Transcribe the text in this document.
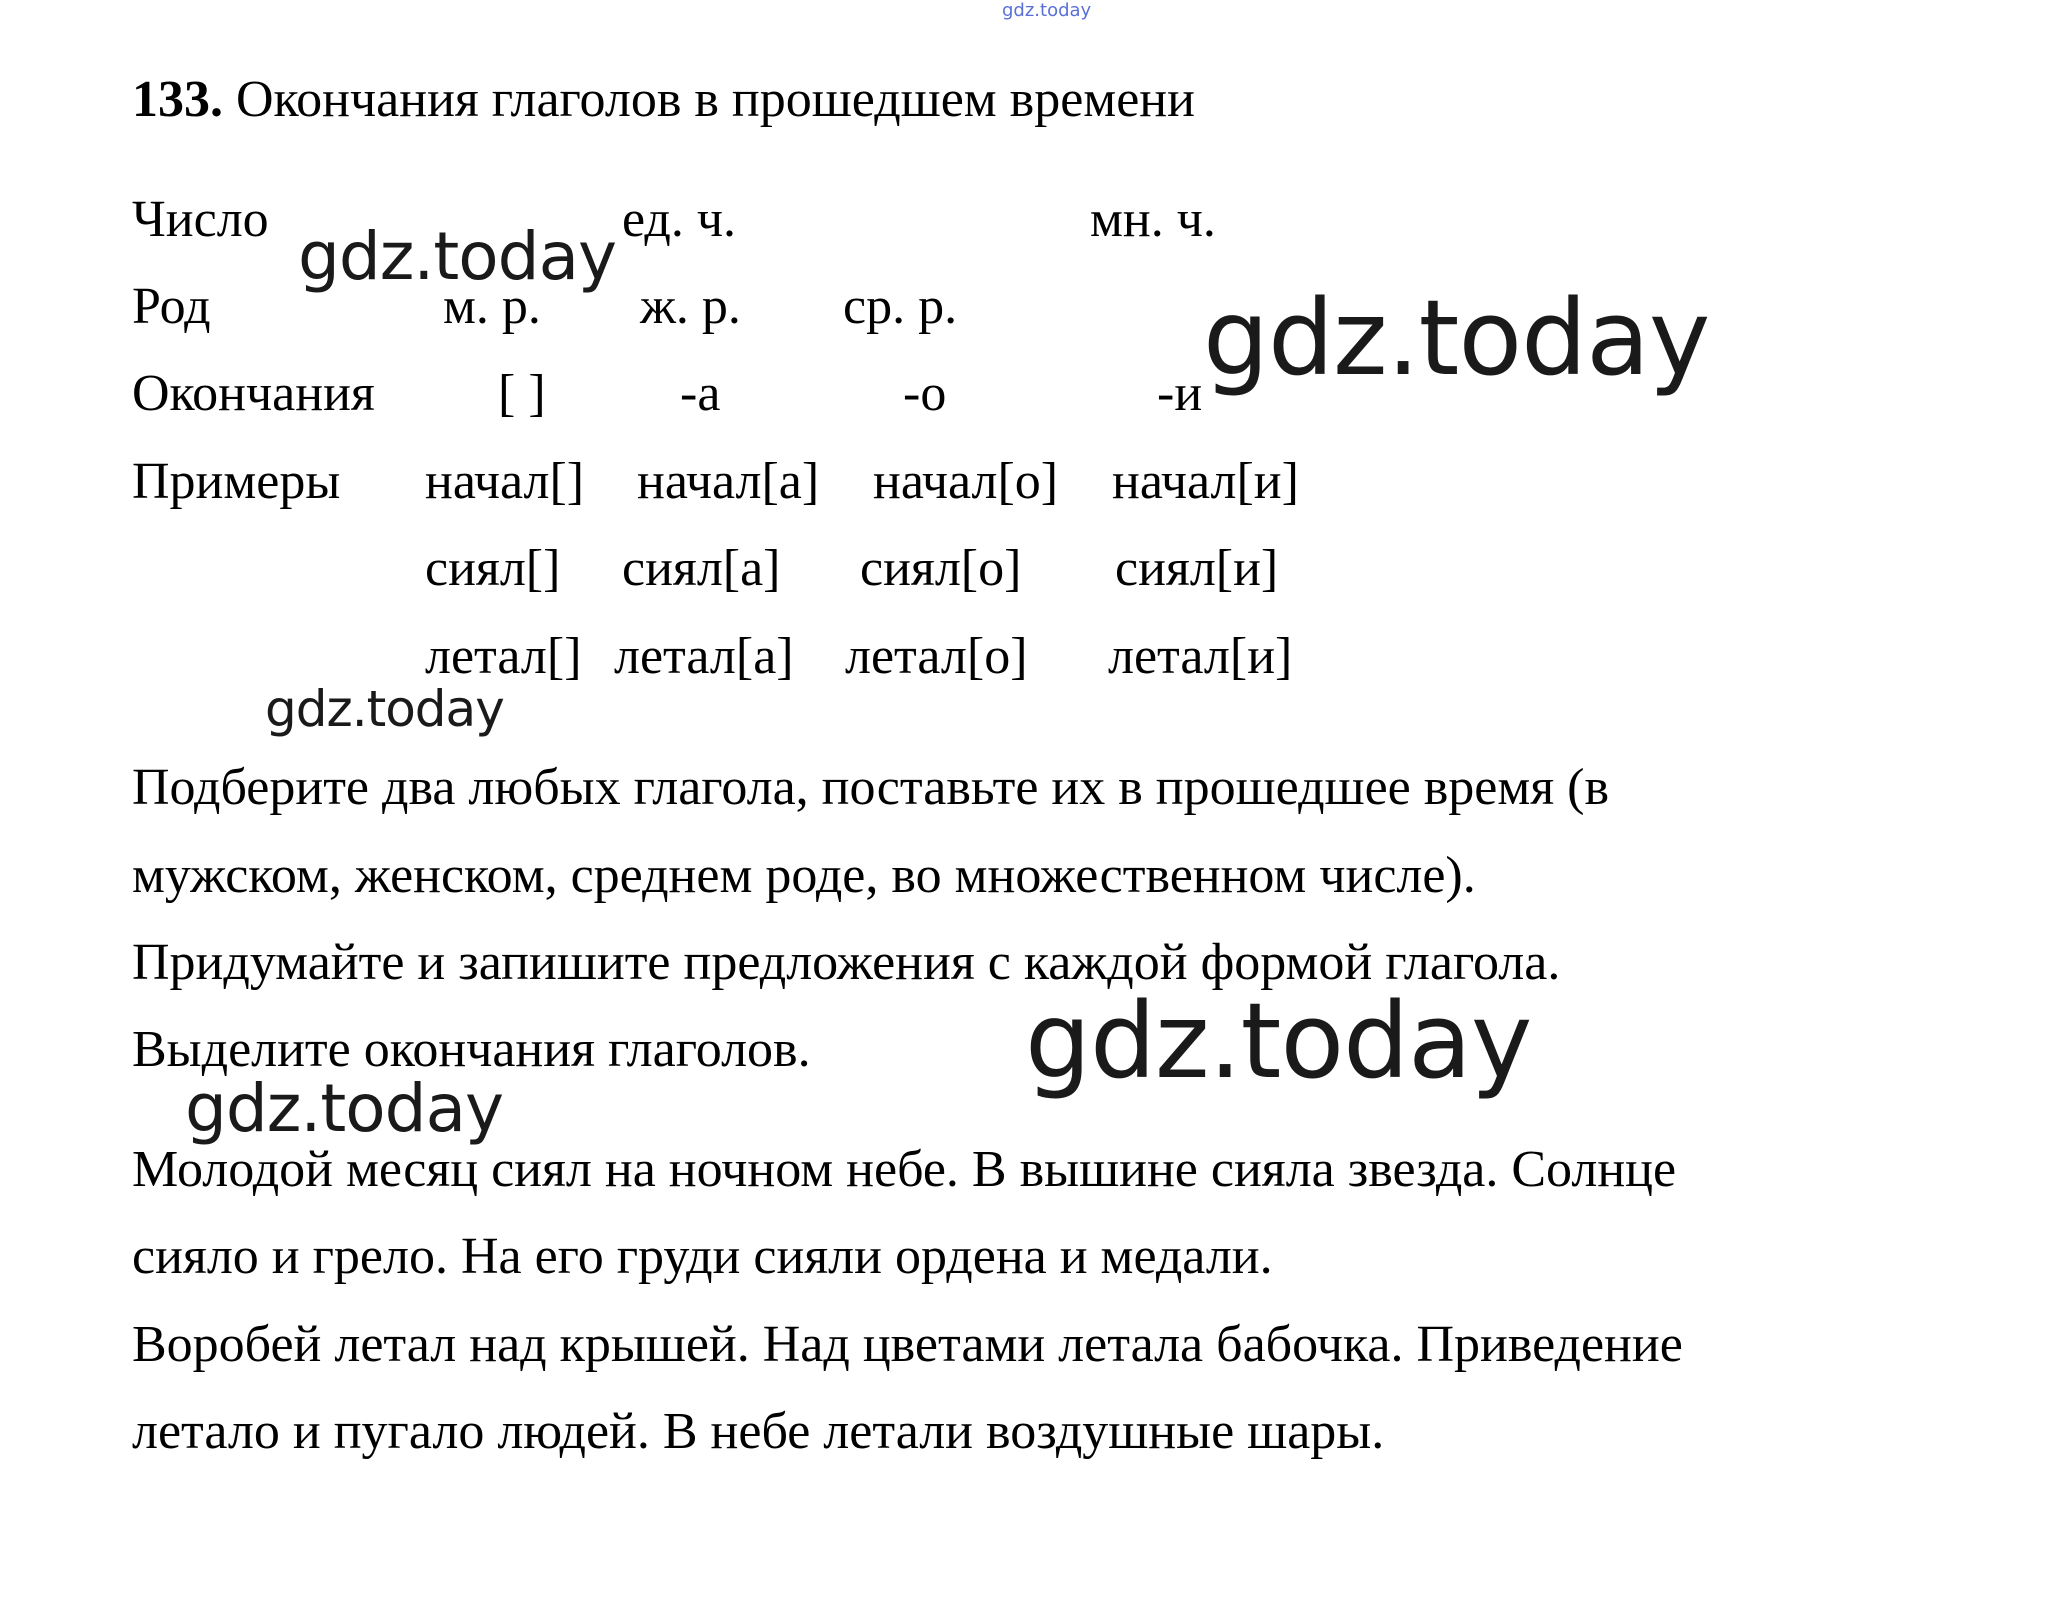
gdz.today
gdz.today
gdz.today
gdz.today
gdz.today
gdz.today
133. Окончания глаголов в прошедшем времени
Число	ед. ч.	мн. ч.
Род	м. р. ж. р. ср. р.
Окончания [ ]	-а	-о	-и
Примеры начал[] начал[а] начал[о] начал[и]
сиял[] сиял[а] сиял[о] сиял[и]
летал[] летал[а] летал[о] летал[и]
Подберите два любых глагола, поставьте их в прошедшее время (в
мужском, женском, среднем роде, во множественном числе).
Придумайте и запишите предложения с каждой формой глагола.
Выделите окончания глаголов.
Молодой месяц сиял на ночном небе. В вышине сияла звезда. Солнце
сияло и грело. На его груди сияли ордена и медали.
Воробей летал над крышей. Над цветами летала бабочка. Приведение
летало и пугало людей. В небе летали воздушные шары.
